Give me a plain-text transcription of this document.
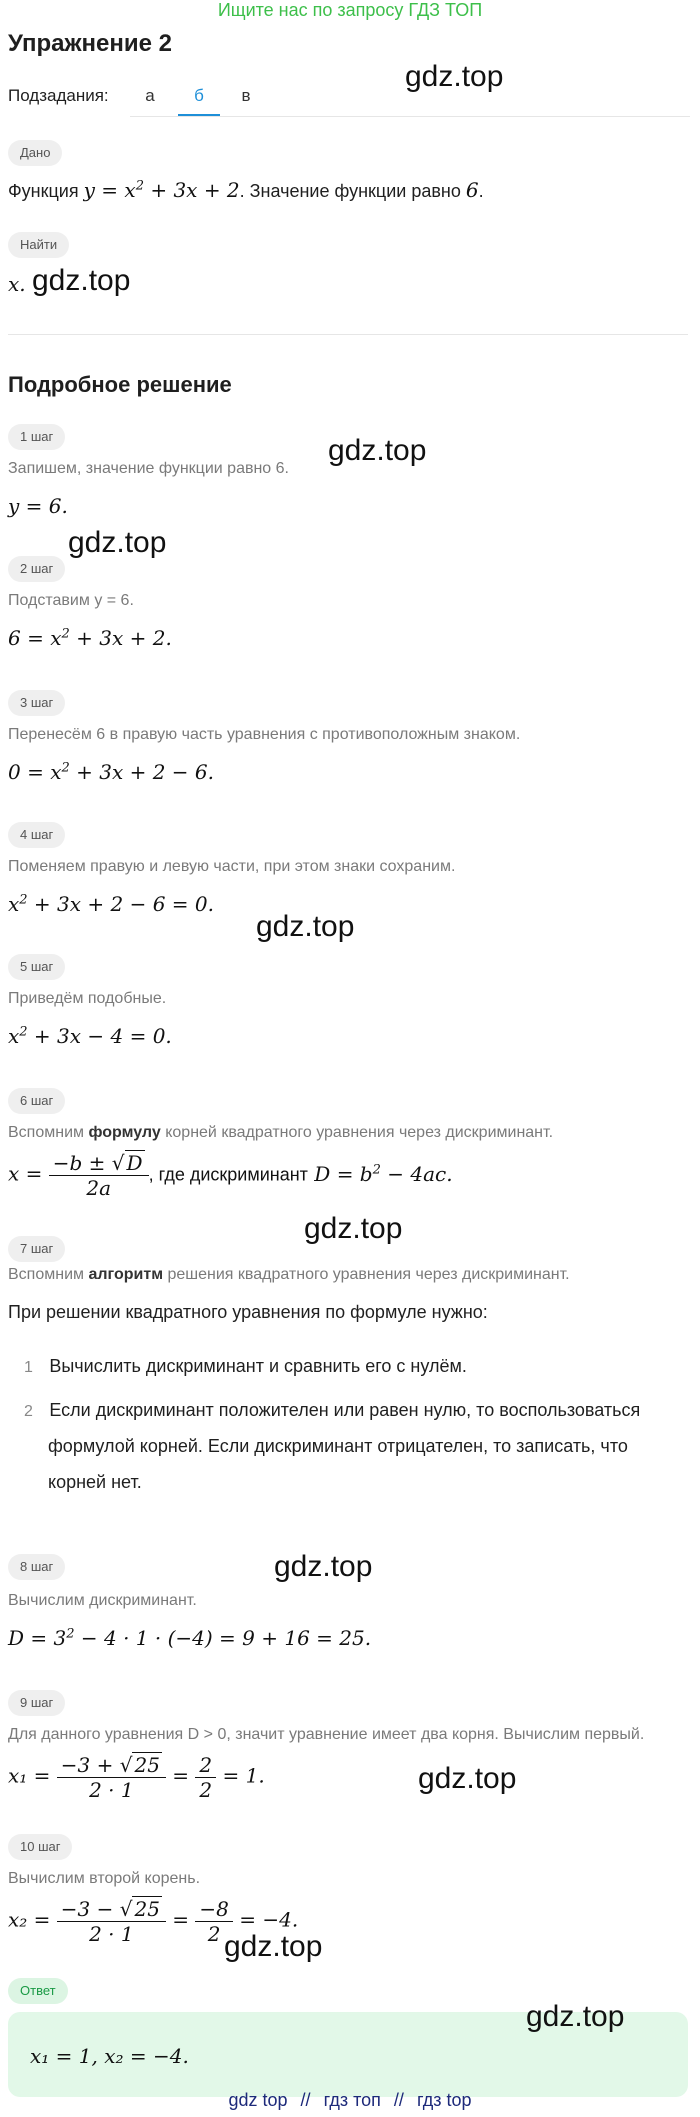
Ищите нас по запросу ГДЗ ТОП
Упражнение 2
Подзадания:	а	б	в
gdz.top
Дано
Функция $y = x^2 + 3x + 2$. Значение функции равно 6.
Найти
x. gdz.top
Подробное решение
1 шаг
Запишем, значение функции равно 6.
y = 6.
gdz.top
2 шаг
gdz.top
Подставим y = 6.
$6 = x^2 + 3x + 2$.
3 шаг
Перенесём 6 в правую часть уравнения с противоположным знаком.
$0 = x^2 + 3x + 2 - 6$.
4 шаг
Поменяем правую и левую части, при этом знаки сохраним.
$x^2 + 3x + 2 - 6 = 0$.
gdz.top
5 шаг
Приведём подобные.
$x^2 + 3x - 4 = 0$.
6 шаг
Вспомним формулу корней квадратного уравнения через дискриминант.
$x = \frac{-b \pm √ D}{2a}$ , где дискриминант $D = b^2 - 4ac$.
gdz.top
7 шаг
Вспомним алгоритм решения квадратного уравнения через дискриминант.
При решении квадратного уравнения по формуле нужно:
1 Вычислить дискриминант и сравнить его с нулём.
2 Если дискриминант положителен или равен нулю, то воспользоваться
формулой корней. Если дискриминант отрицателен, то записать, что
корней нет.
8 шаг	gdz.top
Вычислим дискриминант.
$D = 3^2 - 4 \cdot 1 \cdot (-4) = 9 + 16 = 25$.
9 шаг
Для данного уравнения D > 0, значит уравнение имеет два корня. Вычислим первый.
$x_1 = \frac{-3 + √ 25}{2 \cdot 1} = \frac{2}{2} = 1$.	gdz.top
10 шаг
Вычислим второй корень.
$x_2 = \frac{-3 - √ 25}{2 \cdot 1} = \frac{-8}{2} = -4$.
gdz.top
Ответ
x₁ = 1, x₂ = −4.
gdz.top
gdz top // гдз топ // гдз top
